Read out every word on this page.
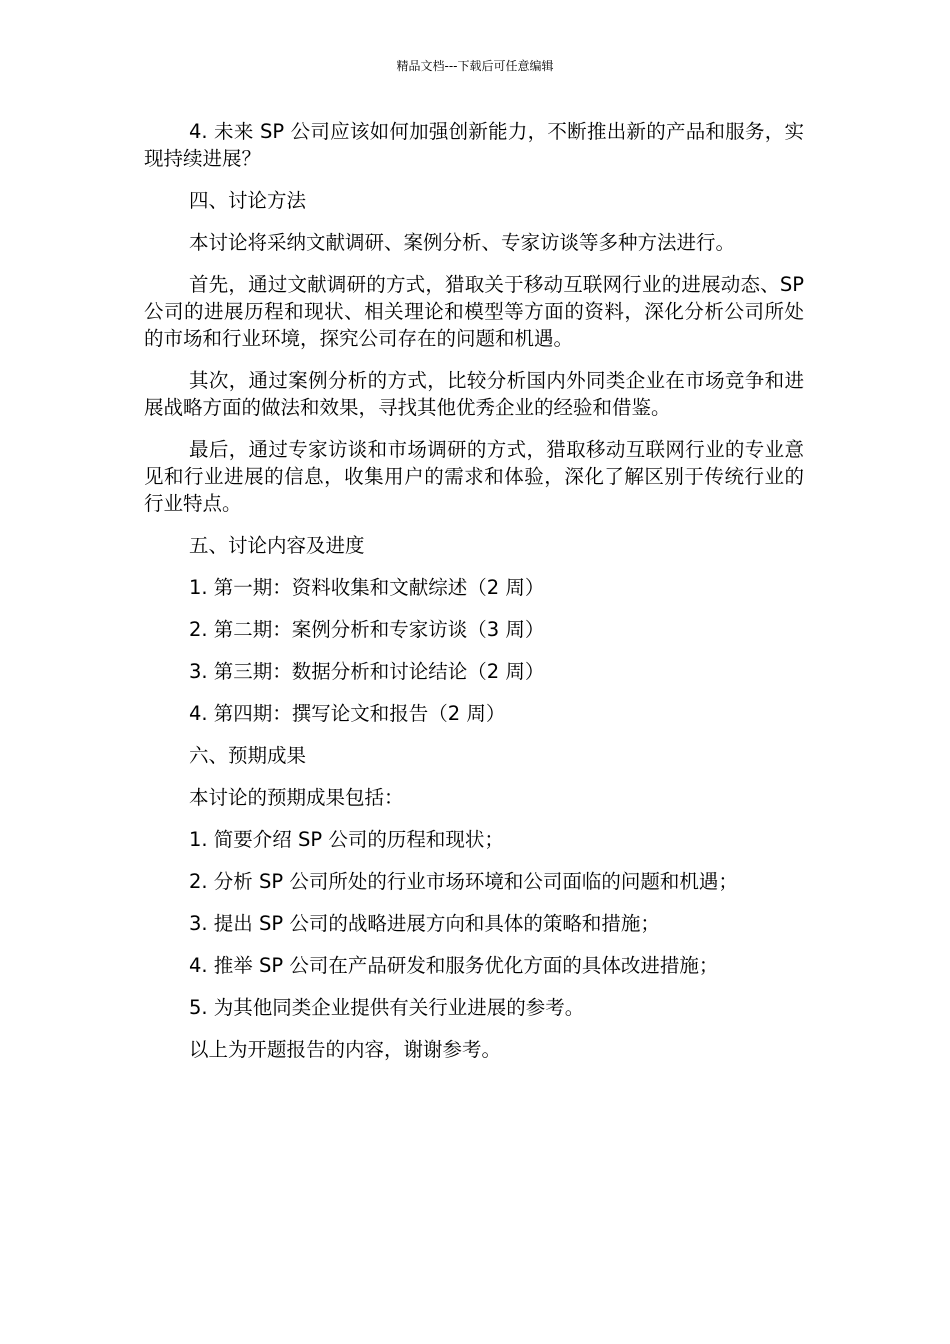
精品文档---下载后可任意编辑

4. 未来 SP 公司应该如何加强创新能力，不断推出新的产品和服务，实现持续进展？

四、讨论方法

本讨论将采纳文献调研、案例分析、专家访谈等多种方法进行。

首先，通过文献调研的方式，猎取关于移动互联网行业的进展动态、SP 公司的进展历程和现状、相关理论和模型等方面的资料，深化分析公司所处的市场和行业环境，探究公司存在的问题和机遇。

其次，通过案例分析的方式，比较分析国内外同类企业在市场竞争和进展战略方面的做法和效果，寻找其他优秀企业的经验和借鉴。

最后，通过专家访谈和市场调研的方式，猎取移动互联网行业的专业意见和行业进展的信息，收集用户的需求和体验，深化了解区别于传统行业的行业特点。

五、讨论内容及进度

1. 第一期：资料收集和文献综述（2 周）

2. 第二期：案例分析和专家访谈（3 周）

3. 第三期：数据分析和讨论结论（2 周）

4. 第四期：撰写论文和报告（2 周）

六、预期成果

本讨论的预期成果包括：

1. 简要介绍 SP 公司的历程和现状；

2. 分析 SP 公司所处的行业市场环境和公司面临的问题和机遇；

3. 提出 SP 公司的战略进展方向和具体的策略和措施；

4. 推举 SP 公司在产品研发和服务优化方面的具体改进措施；

5. 为其他同类企业提供有关行业进展的参考。

以上为开题报告的内容，谢谢参考。
